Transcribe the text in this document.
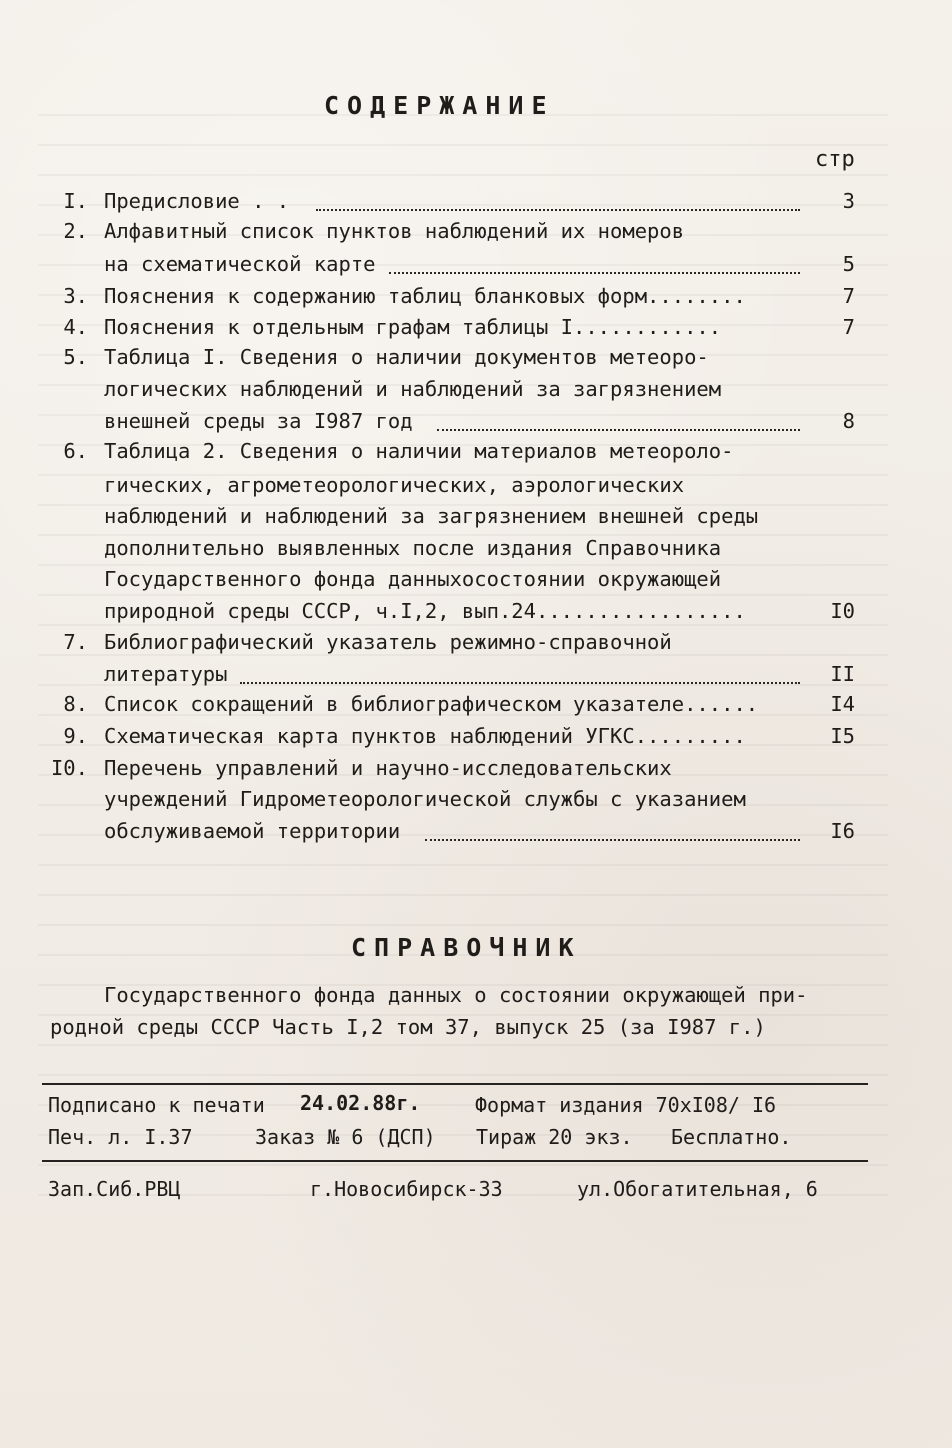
СОДЕРЖАНИЕ
стр
I. Предисловие . .	3
2. Алфавитный список пунктов наблюдений их номеров
на схематической карте	5
3. Пояснения к содержанию таблиц бланковых форм........	7
4. Пояснения к отдельным графам таблицы I............	7
5. Таблица I. Сведения о наличии документов метеоро-
логических наблюдений и наблюдений за загрязнением
внешней среды за I987 год	8
6. Таблица 2. Сведения о наличии материалов метеороло-
гических, агрометеорологических, аэрологических
наблюдений и наблюдений за загрязнением внешней среды
дополнительно выявленных после издания Справочника
Государственного фонда данныхосостоянии окружающей
природной среды СССР, ч.I,2, вып.24.................	I0
7. Библиографический указатель режимно-справочной
литературы	II
8. Список сокращений в библиографическом указателе......	I4
9. Схематическая карта пунктов наблюдений УГКС.........	I5
I0. Перечень управлений и научно-исследовательских
учреждений Гидрометеорологической службы с указанием
обслуживаемой территории	I6
СПРАВОЧНИК
Государственного фонда данных о состоянии окружающей при-
родной среды СССР Часть I,2 том 37, выпуск 25 (за I987 г.)
Подписано к печати 24.02.88г.	Формат издания 70хI08/ I6
Печ. л. I.37	Заказ № 6 (ДСП) Тираж 20 экз. Бесплатно.
Зап.Сиб.РВЦ	г.Новосибирск-33	ул.Обогатительная, 6
